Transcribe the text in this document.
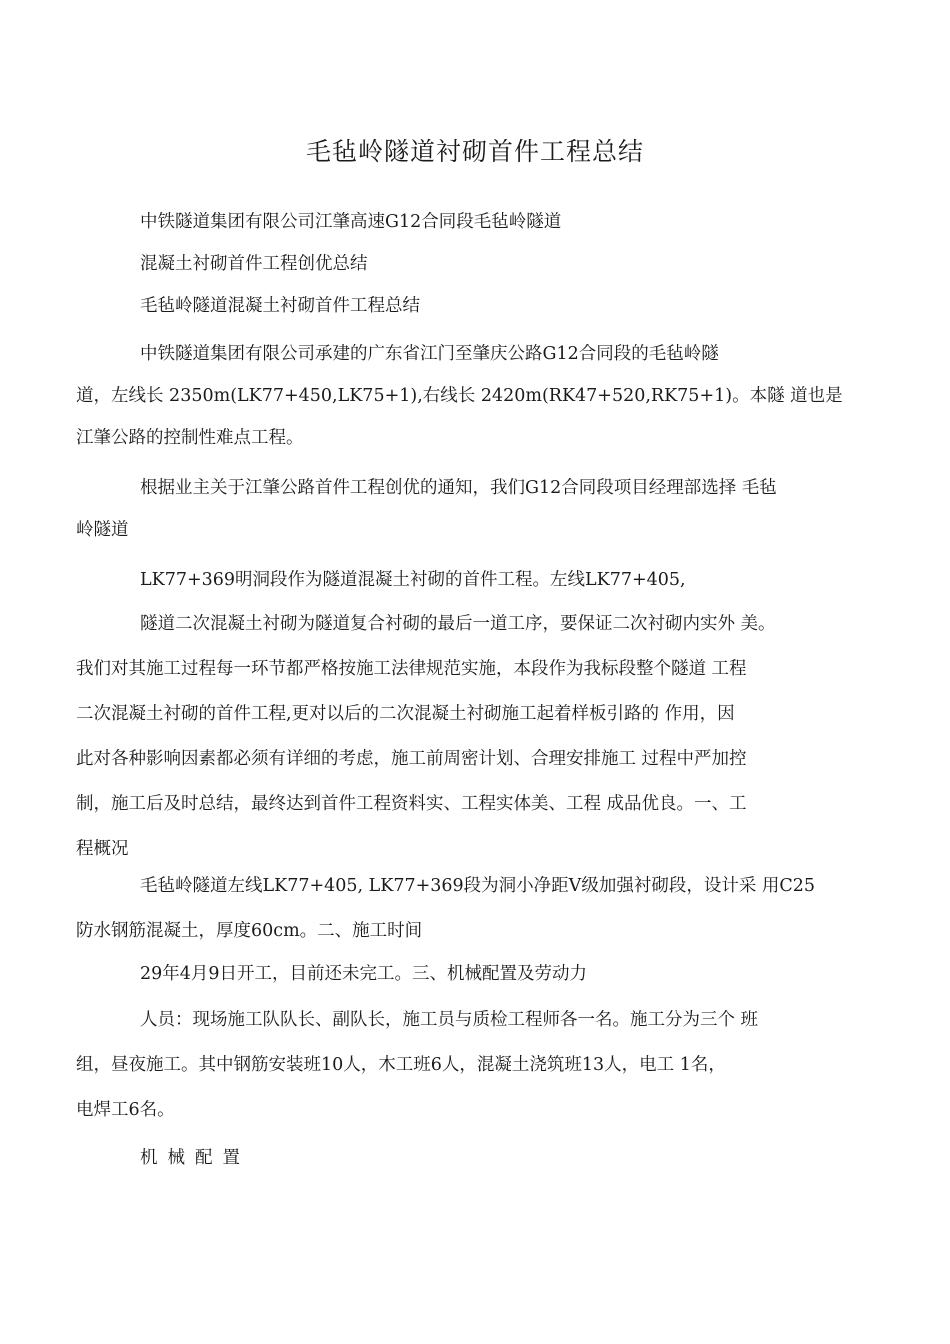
毛毡岭隧道衬砌首件工程总结

中铁隧道集团有限公司江肇高速G12合同段毛毡岭隧道

混凝土衬砌首件工程创优总结

毛毡岭隧道混凝土衬砌首件工程总结

中铁隧道集团有限公司承建的广东省江门至肇庆公路G12合同段的毛毡岭隧
道，左线长 2350m(LK77+450,LK75+1),右线长 2420m(RK47+520,RK75+1)。本隧 道也是
江肇公路的控制性难点工程。

根据业主关于江肇公路首件工程创优的通知，我们G12合同段项目经理部选择 毛毡
岭隧道

LK77+369明洞段作为隧道混凝土衬砌的首件工程。左线LK77+405,

隧道二次混凝土衬砌为隧道复合衬砌的最后一道工序，要保证二次衬砌内实外 美。
我们对其施工过程每一环节都严格按施工法律规范实施，本段作为我标段整个隧道 工程
二次混凝土衬砌的首件工程,更对以后的二次混凝土衬砌施工起着样板引路的 作用，因
此对各种影响因素都必须有详细的考虑，施工前周密计划、合理安排施工 过程中严加控
制，施工后及时总结，最终达到首件工程资料实、工程实体美、工程 成品优良。一、工
程概况

毛毡岭隧道左线LK77+405, LK77+369段为洞小净距Ⅴ级加强衬砌段，设计采 用C25
防水钢筋混凝土，厚度60cm。二、施工时间

29年4月9日开工，目前还未完工。三、机械配置及劳动力

人员：现场施工队队长、副队长，施工员与质检工程师各一名。施工分为三个 班
组，昼夜施工。其中钢筋安装班10人，木工班6人，混凝土浇筑班13人，电工 1名，
电焊工6名。

机械配置
